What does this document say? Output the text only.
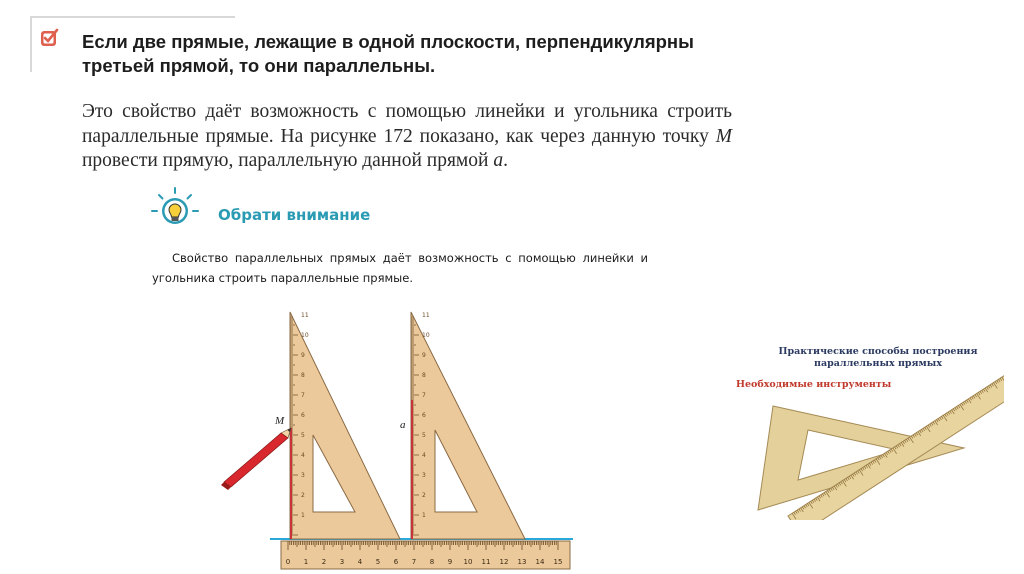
Если две прямые, лежащие в одной плоскости, перпендикулярны третьей прямой, то они параллельны.
Это свойство даёт возможность с помощью линейки и угольника строить параллельные прямые. На рисунке 172 показано, как через данную точку M провести прямую, параллельную данной прямой a.
Обрати внимание
Свойство параллельных прямых даёт возможность с помощью линейки и угольника строить параллельные прямые.
1
2
3
4
5
6
7
8
9
10
11
1
2
3
4
5
6
7
8
9
10
11
0 1 2 3 4 5 6 7 8 9 10 11 12 13 14 15
M	a
Практические способы построения
параллельных прямых
Необходимые инструменты
